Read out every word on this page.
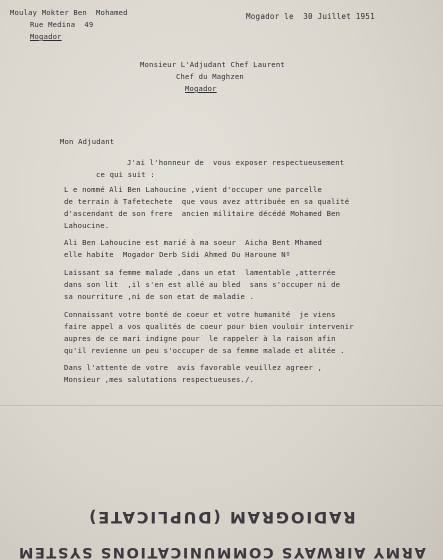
Moulay Mokter Ben  Mohamed
Rue Medina  49
Mogador
Mogador le  30 Juillet 1951
Monsieur L'Adjudant Chef Laurent
Chef du Maghzen
Mogador
Mon Adjudant
J'ai l'honneur de  vous exposer respectueusement
ce qui suit :
L e nommé Ali Ben Lahoucine ,vient d'occuper une parcelle
de terrain à Tafetechete  que vous avez attribuée en sa qualité
d'ascendant de son frere  ancien militaire décédé Mohamed Ben
Lahoucine.
Ali Ben Lahoucine est marié à ma soeur  Aicha Bent Mhamed
elle habite  Mogador Derb Sidi Ahmed Ou Haroune Nº
Laissant sa femme malade ,dans un etat  lamentable ,atterrée
dans son lit  ,il s'en est allé au bled  sans s'occuper ni de
sa nourriture ,ni de son etat de maladie .
Connaissant votre bonté de coeur et votre humanité  je viens
faire appel a vos qualités de coeur pour bien vouloir intervenir
aupres de ce mari indigne pour  le rappeler à la raison afin
qu'il revienne un peu s'occuper de sa femme malade et alitée .
Dans l'attente de votre  avis favorable veuillez agreer ,
Monsieur ,mes salutations respectueuses./.
ARMY AIRWAYS COMMUNICATIONS SYSTEM
RADIOGRAM (DUPLICATE)
